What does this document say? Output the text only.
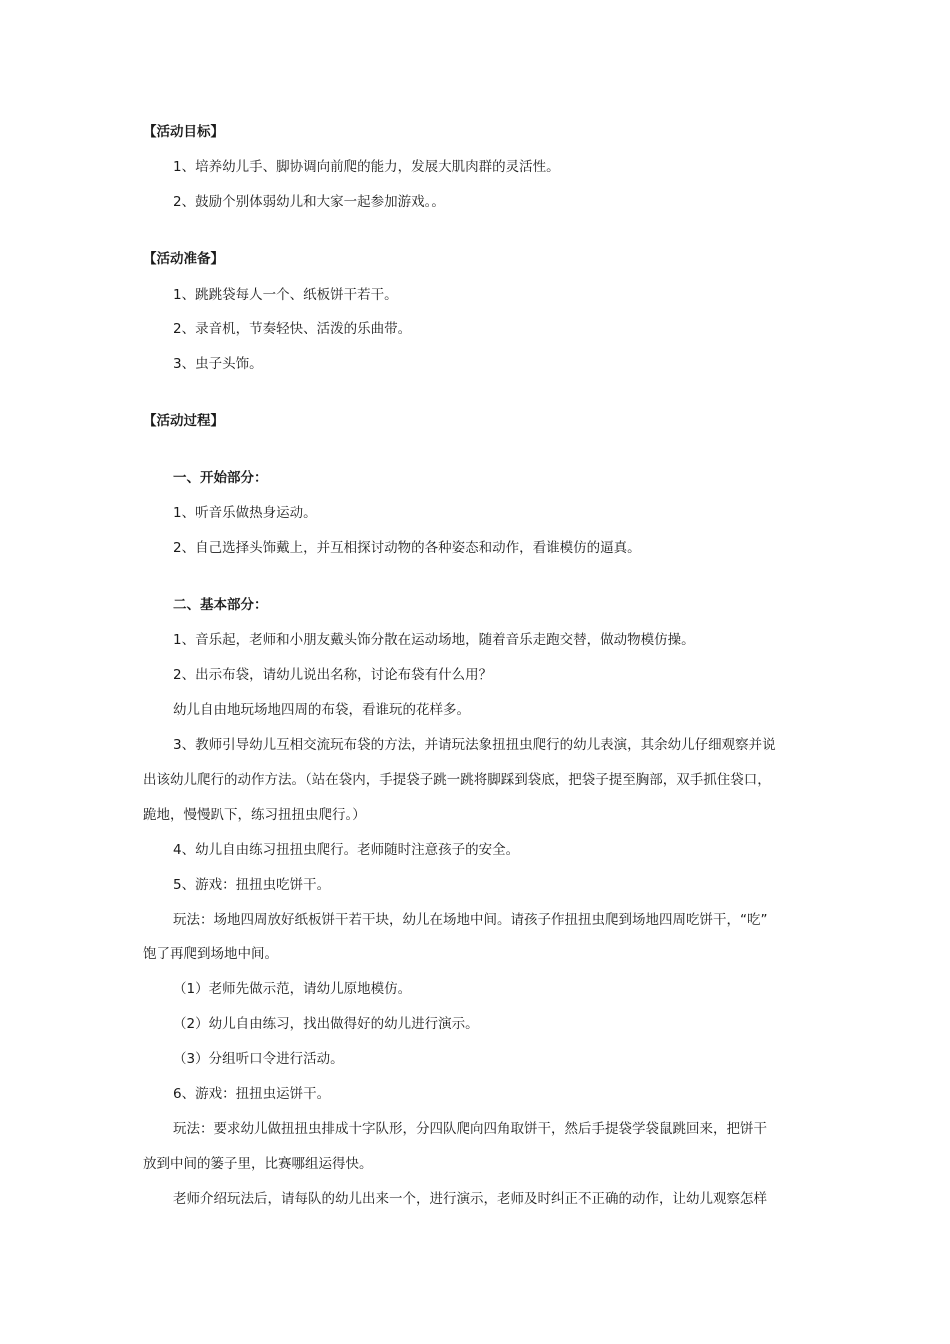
【活动目标】
1、培养幼儿手、脚协调向前爬的能力，发展大肌肉群的灵活性。
2、鼓励个别体弱幼儿和大家一起参加游戏。。
【活动准备】
1、跳跳袋每人一个、纸板饼干若干。
2、录音机，节奏轻快、活泼的乐曲带。
3、虫子头饰。
【活动过程】
一、开始部分：
1、听音乐做热身运动。
2、自己选择头饰戴上，并互相探讨动物的各种姿态和动作，看谁模仿的逼真。
二、基本部分：
1、音乐起，老师和小朋友戴头饰分散在运动场地，随着音乐走跑交替，做动物模仿操。
2、出示布袋，请幼儿说出名称，讨论布袋有什么用？
幼儿自由地玩场地四周的布袋，看谁玩的花样多。
3、教师引导幼儿互相交流玩布袋的方法，并请玩法象扭扭虫爬行的幼儿表演，其余幼儿仔细观察并说
出该幼儿爬行的动作方法。（站在袋内，手提袋子跳一跳将脚踩到袋底，把袋子提至胸部，双手抓住袋口，
跪地，慢慢趴下，练习扭扭虫爬行。）
4、幼儿自由练习扭扭虫爬行。老师随时注意孩子的安全。
5、游戏：扭扭虫吃饼干。
玩法：场地四周放好纸板饼干若干块，幼儿在场地中间。请孩子作扭扭虫爬到场地四周吃饼干，“吃”
饱了再爬到场地中间。
（1）老师先做示范，请幼儿原地模仿。
（2）幼儿自由练习，找出做得好的幼儿进行演示。
（3）分组听口令进行活动。
6、游戏：扭扭虫运饼干。
玩法：要求幼儿做扭扭虫排成十字队形，分四队爬向四角取饼干，然后手提袋学袋鼠跳回来，把饼干
放到中间的篓子里，比赛哪组运得快。
老师介绍玩法后，请每队的幼儿出来一个，进行演示，老师及时纠正不正确的动作，让幼儿观察怎样
